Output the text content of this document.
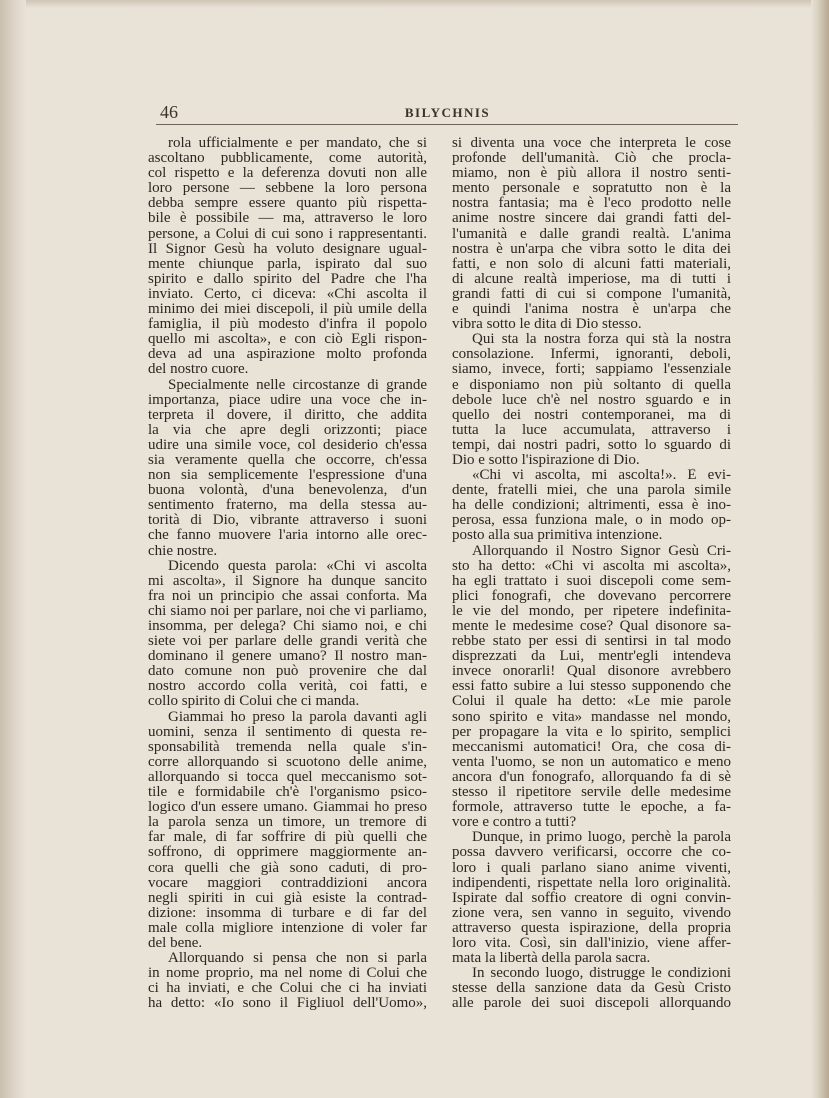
46	BILYCHNIS
rola ufficialmente e per mandato, che si
ascoltano pubblicamente, come autorità,
col rispetto e la deferenza dovuti non alle
loro persone — sebbene la loro persona
debba sempre essere quanto più rispetta-
bile è possibile — ma, attraverso le loro
persone, a Colui di cui sono i rappresentanti.
Il Signor Gesù ha voluto designare ugual-
mente chiunque parla, ispirato dal suo
spirito e dallo spirito del Padre che l'ha
inviato. Certo, ci diceva: «Chi ascolta il
minimo dei miei discepoli, il più umile della
famiglia, il più modesto d'infra il popolo
quello mi ascolta», e con ciò Egli rispon-
deva ad una aspirazione molto profonda
del nostro cuore.
Specialmente nelle circostanze di grande
importanza, piace udire una voce che in-
terpreta il dovere, il diritto, che addita
la via che apre degli orizzonti; piace
udire una simile voce, col desiderio ch'essa
sia veramente quella che occorre, ch'essa
non sia semplicemente l'espressione d'una
buona volontà, d'una benevolenza, d'un
sentimento fraterno, ma della stessa au-
torità di Dio, vibrante attraverso i suoni
che fanno muovere l'aria intorno alle orec-
chie nostre.
Dicendo questa parola: «Chi vi ascolta
mi ascolta», il Signore ha dunque sancito
fra noi un principio che assai conforta. Ma
chi siamo noi per parlare, noi che vi parliamo,
insomma, per delega? Chi siamo noi, e chi
siete voi per parlare delle grandi verità che
dominano il genere umano? Il nostro man-
dato comune non può provenire che dal
nostro accordo colla verità, coi fatti, e
collo spirito di Colui che ci manda.
Giammai ho preso la parola davanti agli
uomini, senza il sentimento di questa re-
sponsabilità tremenda nella quale s'in-
corre allorquando si scuotono delle anime,
allorquando si tocca quel meccanismo sot-
tile e formidabile ch'è l'organismo psico-
logico d'un essere umano. Giammai ho preso
la parola senza un timore, un tremore di
far male, di far soffrire di più quelli che
soffrono, di opprimere maggiormente an-
cora quelli che già sono caduti, di pro-
vocare maggiori contraddizioni ancora
negli spiriti in cui già esiste la contrad-
dizione: insomma di turbare e di far del
male colla migliore intenzione di voler far
del bene.
Allorquando si pensa che non si parla
in nome proprio, ma nel nome di Colui che
ci ha inviati, e che Colui che ci ha inviati
ha detto: «Io sono il Figliuol dell'Uomo»,
si diventa una voce che interpreta le cose
profonde dell'umanità. Ciò che procla-
miamo, non è più allora il nostro senti-
mento personale e sopratutto non è la
nostra fantasia; ma è l'eco prodotto nelle
anime nostre sincere dai grandi fatti del-
l'umanità e dalle grandi realtà. L'anima
nostra è un'arpa che vibra sotto le dita dei
fatti, e non solo di alcuni fatti materiali,
di alcune realtà imperiose, ma di tutti i
grandi fatti di cui si compone l'umanità,
e quindi l'anima nostra è un'arpa che
vibra sotto le dita di Dio stesso.
Qui sta la nostra forza qui stà la nostra
consolazione. Infermi, ignoranti, deboli,
siamo, invece, forti; sappiamo l'essenziale
e disponiamo non più soltanto di quella
debole luce ch'è nel nostro sguardo e in
quello dei nostri contemporanei, ma di
tutta la luce accumulata, attraverso i
tempi, dai nostri padri, sotto lo sguardo di
Dio e sotto l'ispirazione di Dio.
«Chi vi ascolta, mi ascolta!». È evi-
dente, fratelli miei, che una parola simile
ha delle condizioni; altrimenti, essa è ino-
perosa, essa funziona male, o in modo op-
posto alla sua primitiva intenzione.
Allorquando il Nostro Signor Gesù Cri-
sto ha detto: «Chi vi ascolta mi ascolta»,
ha egli trattato i suoi discepoli come sem-
plici fonografi, che dovevano percorrere
le vie del mondo, per ripetere indefinita-
mente le medesime cose? Qual disonore sa-
rebbe stato per essi di sentirsi in tal modo
disprezzati da Lui, mentr'egli intendeva
invece onorarli! Qual disonore avrebbero
essi fatto subire a lui stesso supponendo che
Colui il quale ha detto: «Le mie parole
sono spirito e vita» mandasse nel mondo,
per propagare la vita e lo spirito, semplici
meccanismi automatici! Ora, che cosa di-
venta l'uomo, se non un automatico e meno
ancora d'un fonografo, allorquando fa di sè
stesso il ripetitore servile delle medesime
formole, attraverso tutte le epoche, a fa-
vore e contro a tutti?
Dunque, in primo luogo, perchè la parola
possa davvero verificarsi, occorre che co-
loro i quali parlano siano anime viventi,
indipendenti, rispettate nella loro originalità.
Ispirate dal soffio creatore di ogni convin-
zione vera, sen vanno in seguito, vivendo
attraverso questa ispirazione, della propria
loro vita. Così, sin dall'inizio, viene affer-
mata la libertà della parola sacra.
In secondo luogo, distrugge le condizioni
stesse della sanzione data da Gesù Cristo
alle parole dei suoi discepoli allorquando
